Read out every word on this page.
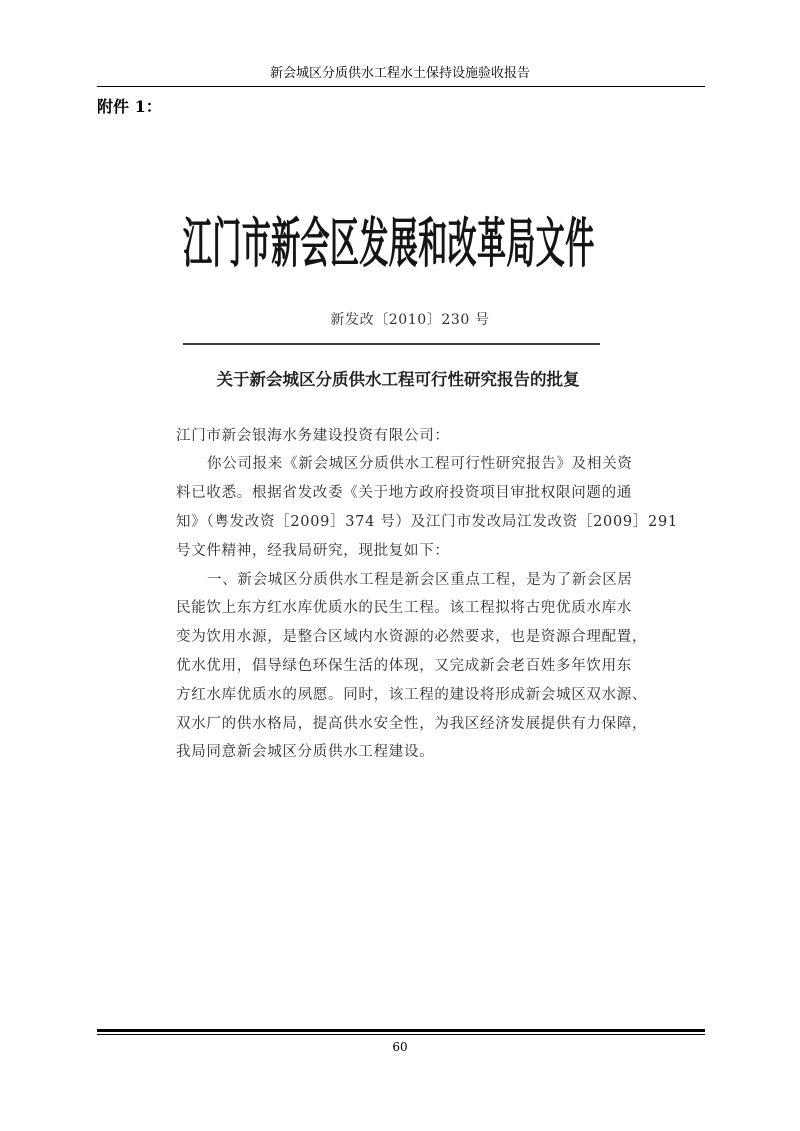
新会城区分质供水工程水土保持设施验收报告
附件 1：
江门市新会区发展和改革局文件
新发改〔2010〕230 号
关于新会城区分质供水工程可行性研究报告的批复
江门市新会银海水务建设投资有限公司：
你公司报来《新会城区分质供水工程可行性研究报告》及相关资
料已收悉。根据省发改委《关于地方政府投资项目审批权限问题的通
知》（粤发改资［2009］374 号）及江门市发改局江发改资［2009］291
号文件精神，经我局研究，现批复如下：
一、新会城区分质供水工程是新会区重点工程，是为了新会区居
民能饮上东方红水库优质水的民生工程。该工程拟将古兜优质水库水
变为饮用水源，是整合区域内水资源的必然要求，也是资源合理配置，
优水优用，倡导绿色环保生活的体现，又完成新会老百姓多年饮用东
方红水库优质水的夙愿。同时，该工程的建设将形成新会城区双水源、
双水厂的供水格局，提高供水安全性，为我区经济发展提供有力保障，
我局同意新会城区分质供水工程建设。
60
